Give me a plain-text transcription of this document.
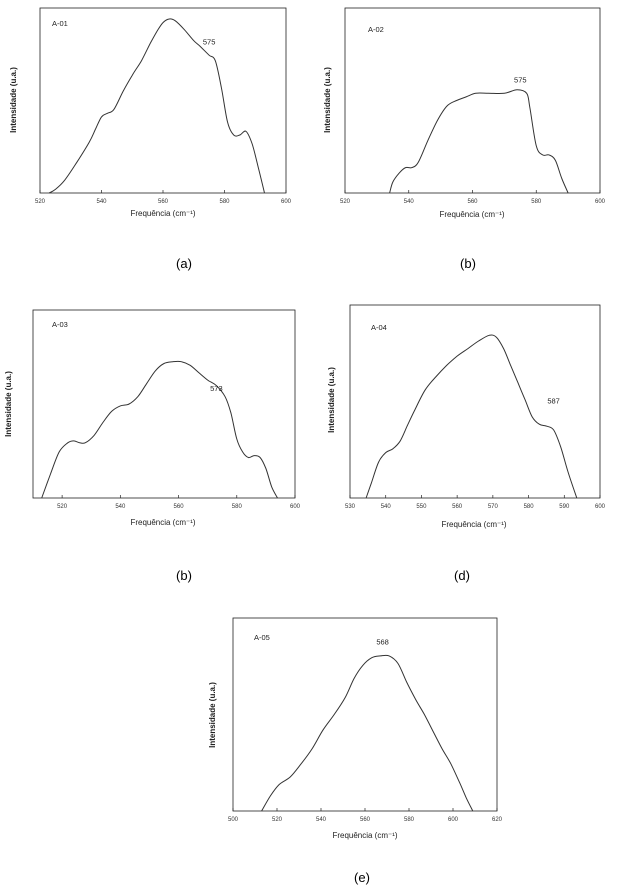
520	540	560	580	600
A-01
575
Frequência (cm⁻¹)
Intensidade (u.a.)
(a)
520	540	560	580	600
A-02
575
Frequência (cm⁻¹)
Intensidade (u.a.)
(b)
520	540	560	580	600
A-03
573
Frequência (cm⁻¹)
Intensidade (u.a.)
(b)
530	540	550	560	570	580	590	600
A-04
587
Frequência (cm⁻¹)
Intensidade (u.a.)
(d)
500	520	540	560	580	600	620
A-05
568
Frequência (cm⁻¹)
Intensidade (u.a.)
(e)
